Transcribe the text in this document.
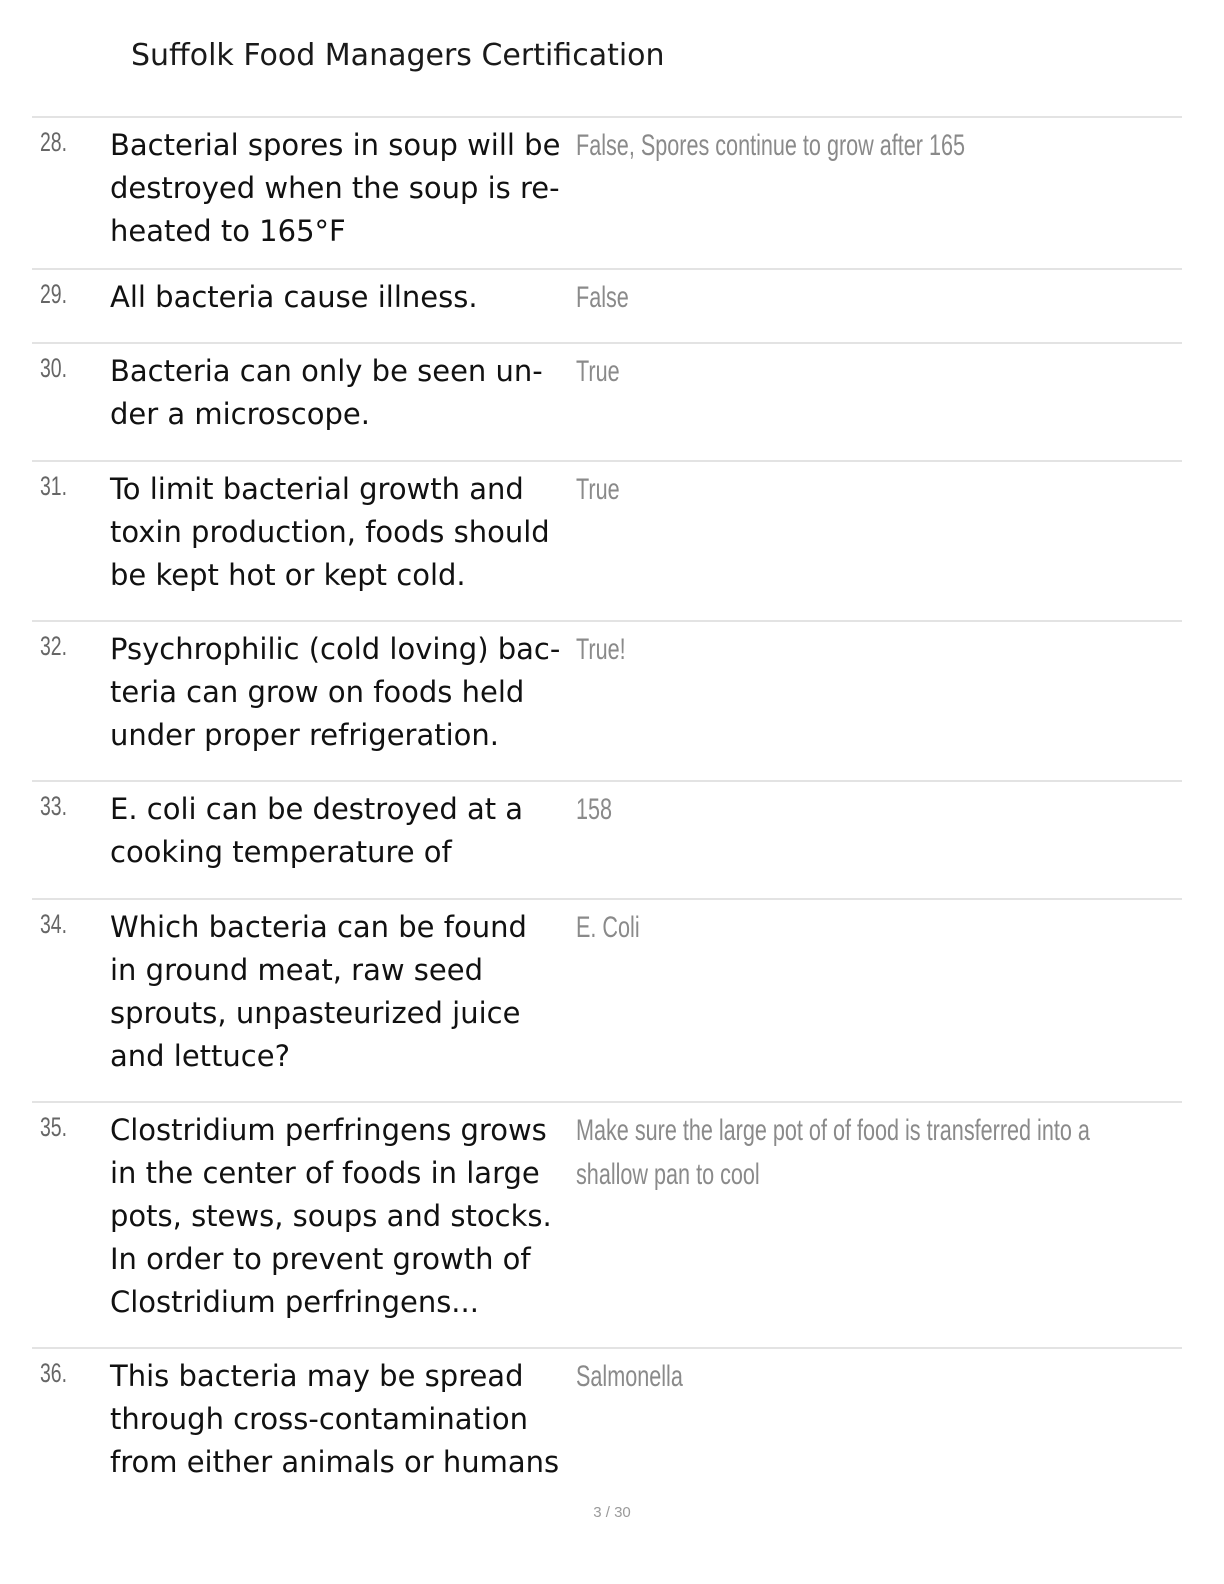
Suffolk Food Managers Certification
28. Bacterial spores in soup will be
destroyed when the soup is re-
heated to 165°F
False, Spores continue to grow after 165
29. All bacteria cause illness.	False
30. Bacteria can only be seen un-
der a microscope.
True
31. To limit bacterial growth and
toxin production, foods should
be kept hot or kept cold.
True
32. Psychrophilic (cold loving) bac-
teria can grow on foods held
under proper refrigeration.
True!
33. E. coli can be destroyed at a
cooking temperature of
158
34. Which bacteria can be found
in ground meat, raw seed
sprouts, unpasteurized juice
and lettuce?
E. Coli
35. Clostridium perfringens grows
in the center of foods in large
pots, stews, soups and stocks.
In order to prevent growth of
Clostridium perfringens...
Make sure the large pot of of food is transferred into a
shallow pan to cool
36. This bacteria may be spread
through cross-contamination
from either animals or humans
Salmonella
3 / 30
